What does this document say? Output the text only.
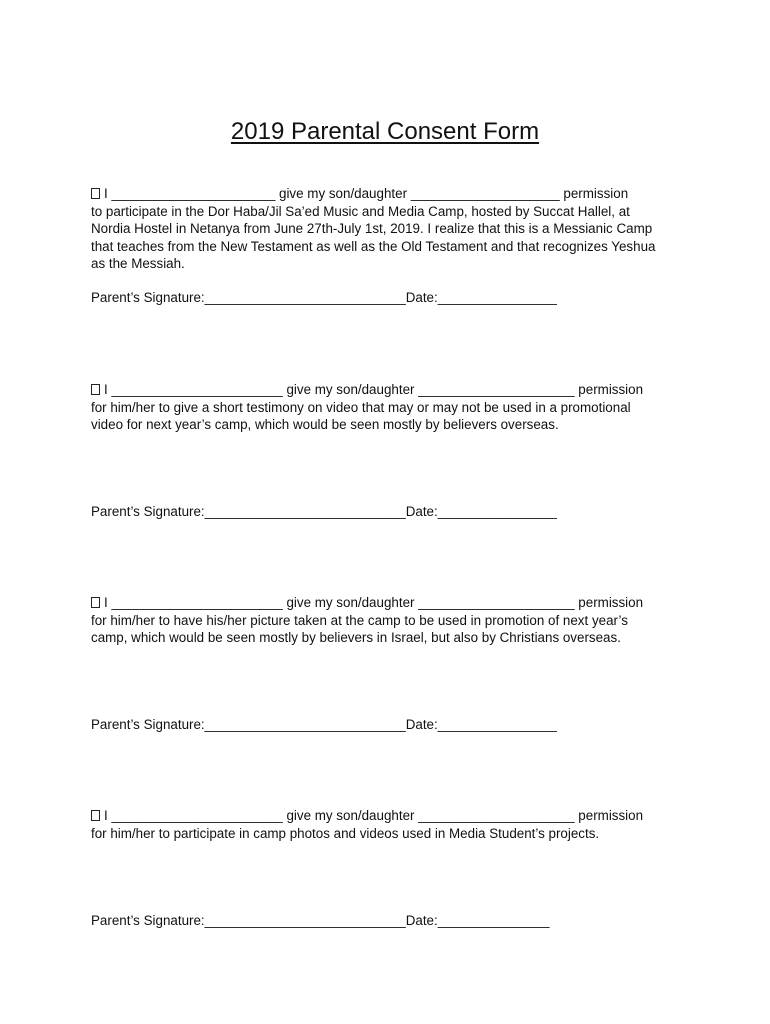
2019 Parental Consent Form
I ______________________ give my son/daughter ____________________ permission
to participate in the Dor Haba/Jil Sa’ed Music and Media Camp, hosted by Succat Hallel, at
Nordia Hostel in Netanya from June 27th-July 1st, 2019. I realize that this is a Messianic Camp
that teaches from the New Testament as well as the Old Testament and that recognizes Yeshua
as the Messiah.
Parent’s Signature:___________________________Date:________________
I _______________________ give my son/daughter _____________________ permission
for him/her to give a short testimony on video that may or may not be used in a promotional
video for next year’s camp, which would be seen mostly by believers overseas.
Parent’s Signature:___________________________Date:________________
I _______________________ give my son/daughter _____________________ permission
for him/her to have his/her picture taken at the camp to be used in promotion of next year’s
camp, which would be seen mostly by believers in Israel, but also by Christians overseas.
Parent’s Signature:___________________________Date:________________
I _______________________ give my son/daughter _____________________ permission
for him/her to participate in camp photos and videos used in Media Student’s projects.
Parent’s Signature:___________________________Date:_______________
